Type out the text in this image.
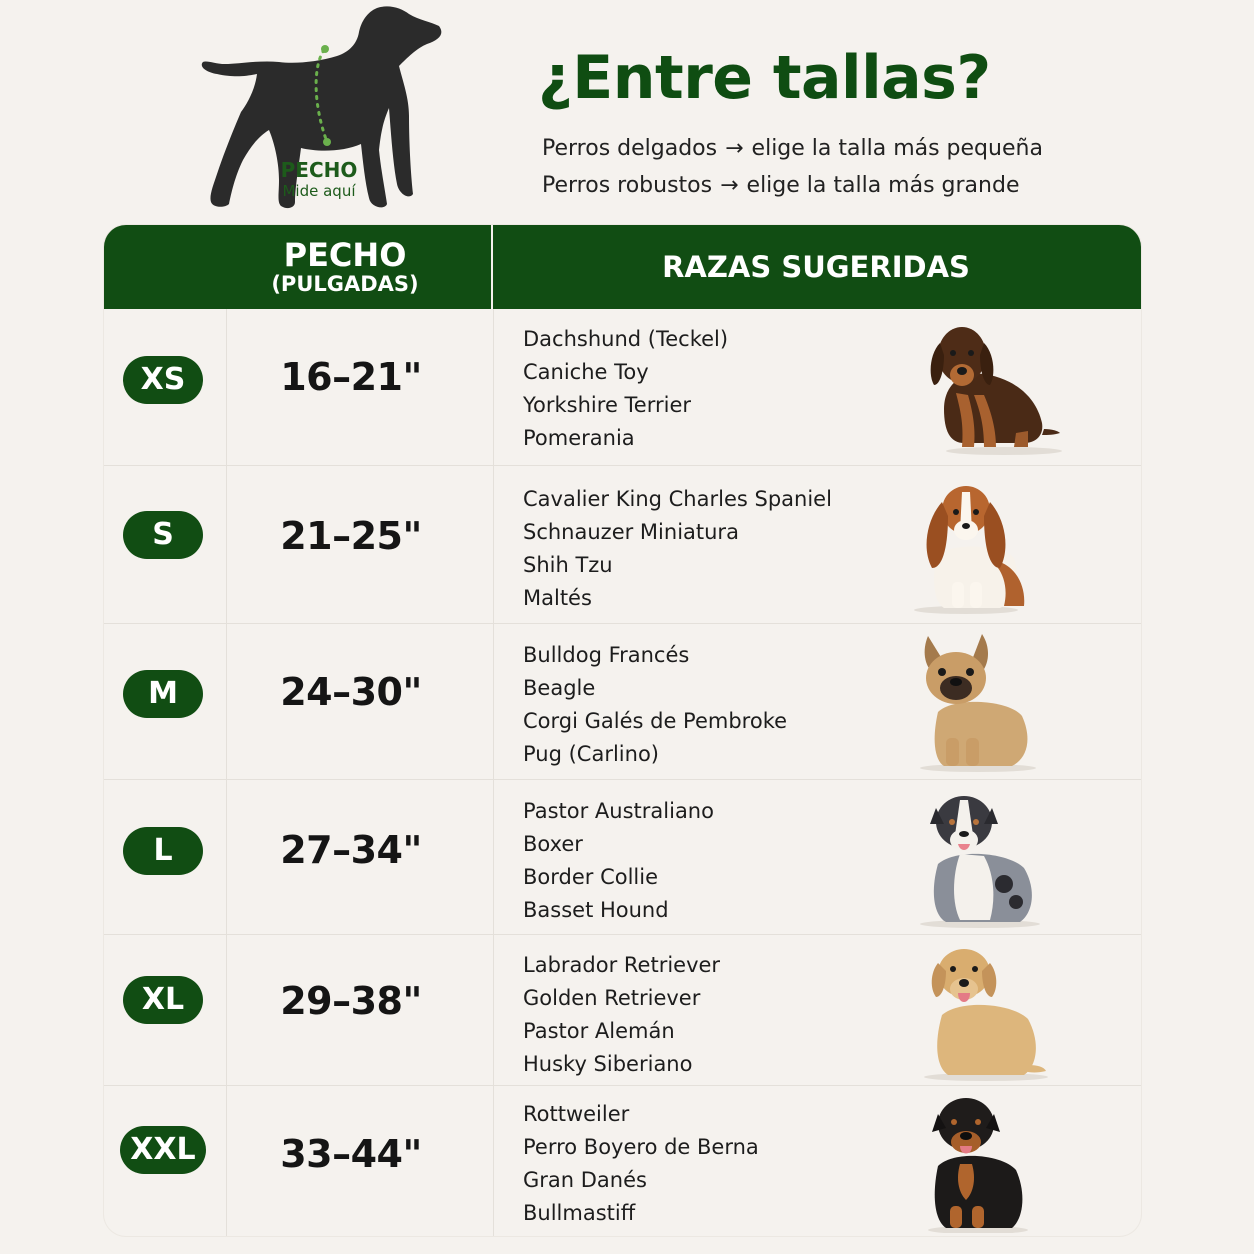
PECHO
Mide aquí
¿Entre tallas?
Perros delgados → elige la talla más pequeña
Perros robustos → elige la talla más grande
PECHO
(PULGADAS)	RAZAS SUGERIDAS
XS	16–21"
Dachshund (Teckel)
Caniche Toy
Yorkshire Terrier
Pomerania
S	21–25"
Cavalier King Charles Spaniel
Schnauzer Miniatura
Shih Tzu
Maltés
M	24–30"
Bulldog Francés
Beagle
Corgi Galés de Pembroke
Pug (Carlino)
L	27–34"
Pastor Australiano
Boxer
Border Collie
Basset Hound
XL	29–38"
Labrador Retriever
Golden Retriever
Pastor Alemán
Husky Siberiano
XXL	33–44"
Rottweiler
Perro Boyero de Berna
Gran Danés
Bullmastiff
